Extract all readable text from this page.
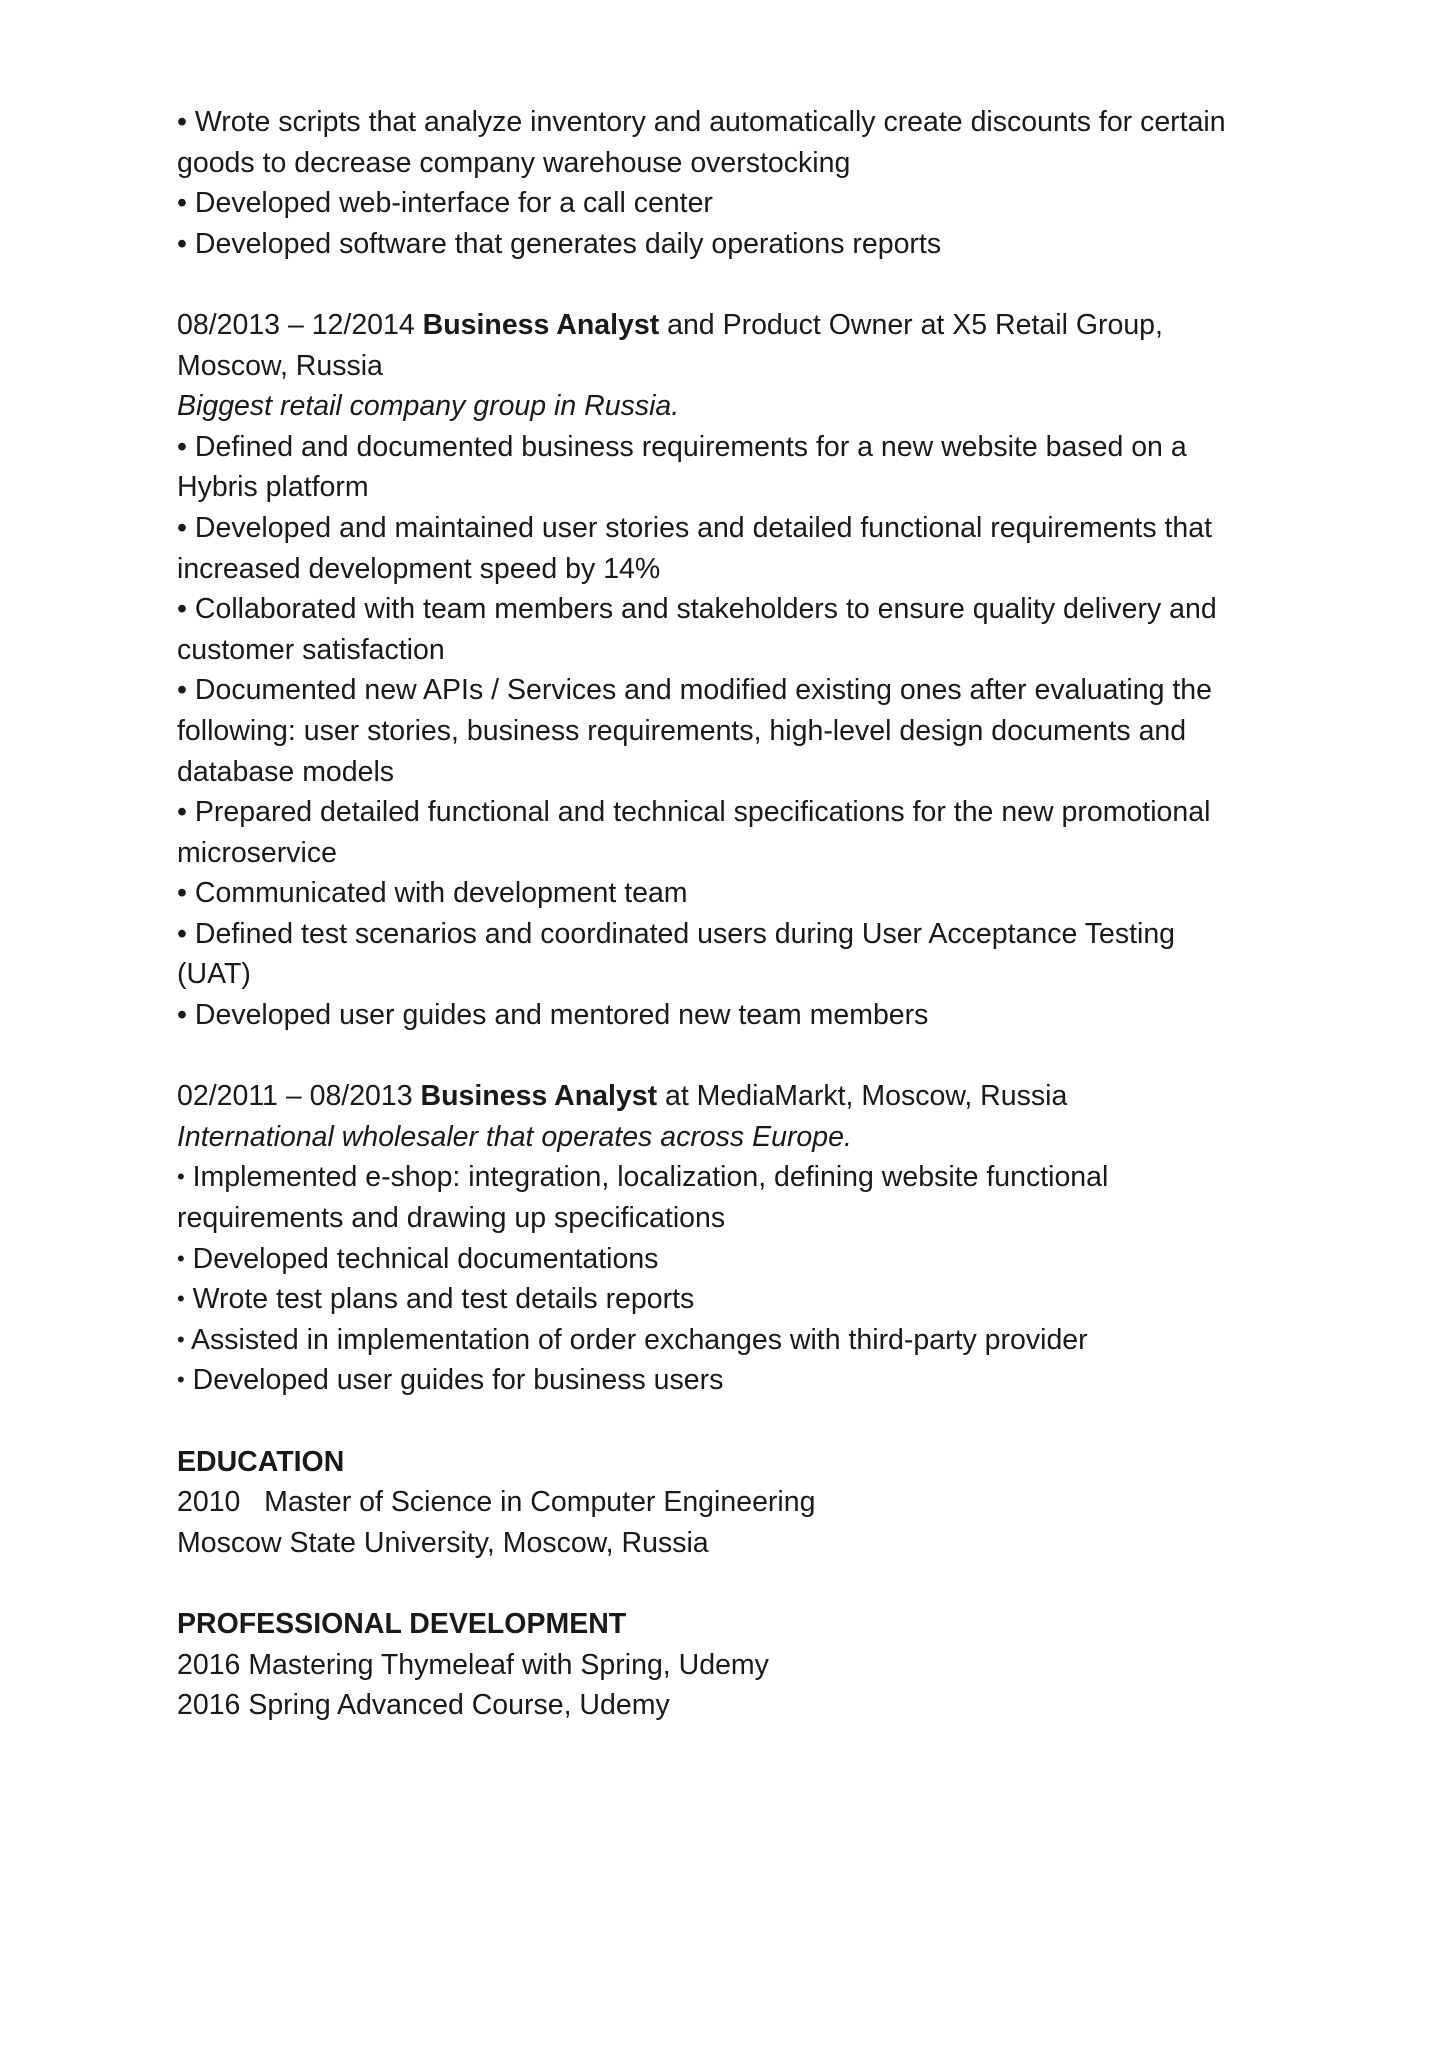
• Wrote scripts that analyze inventory and automatically create discounts for certain
goods to decrease company warehouse overstocking
• Developed web-interface for a call center
• Developed software that generates daily operations reports
08/2013 – 12/2014 Business Analyst and Product Owner at X5 Retail Group,
Moscow, Russia
Biggest retail company group in Russia.
• Defined and documented business requirements for a new website based on a
Hybris platform
• Developed and maintained user stories and detailed functional requirements that
increased development speed by 14%
• Collaborated with team members and stakeholders to ensure quality delivery and
customer satisfaction
• Documented new APIs / Services and modified existing ones after evaluating the
following: user stories, business requirements, high-level design documents and
database models
• Prepared detailed functional and technical specifications for the new promotional
microservice
• Communicated with development team
• Defined test scenarios and coordinated users during User Acceptance Testing
(UAT)
• Developed user guides and mentored new team members
02/2011 – 08/2013 Business Analyst at MediaMarkt, Moscow, Russia
International wholesaler that operates across Europe.
• Implemented e-shop: integration, localization, defining website functional
requirements and drawing up specifications
• Developed technical documentations
• Wrote test plans and test details reports
• Assisted in implementation of order exchanges with third-party provider
• Developed user guides for business users
EDUCATION
2010   Master of Science in Computer Engineering
Moscow State University, Moscow, Russia
PROFESSIONAL DEVELOPMENT
2016 Mastering Thymeleaf with Spring, Udemy
2016 Spring Advanced Course, Udemy
